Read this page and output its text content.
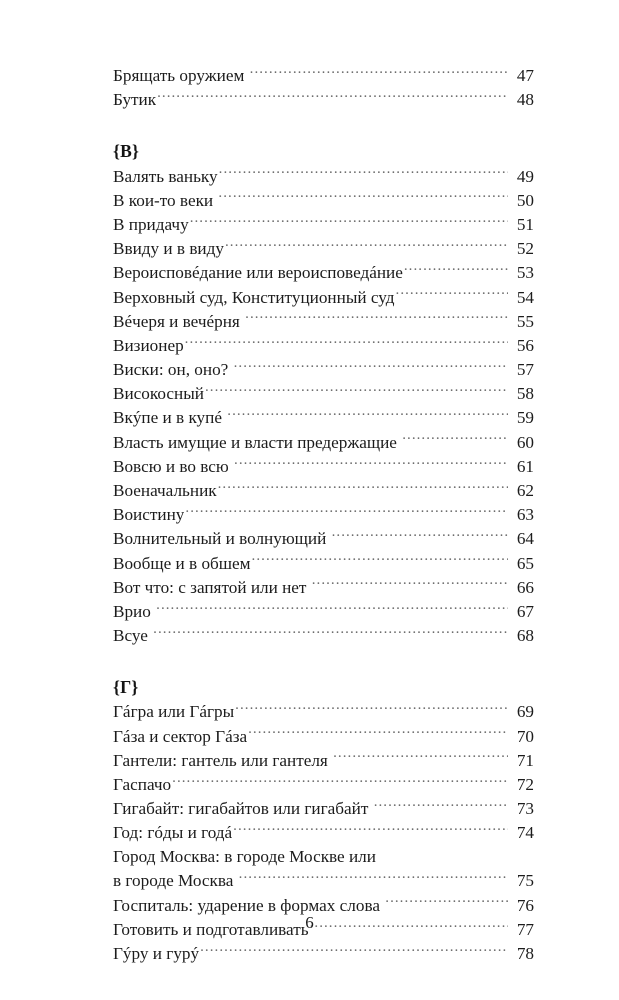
Брящать оружием .....	47
Бутик .....	48
{В}
Валять ваньку .....	49
В кои-то веки .....	50
В придачу .....	51
Ввиду и в виду .....	52
Вероисповéдание или вероисповедáние .....	53
Верховный суд, Конституционный суд .....	54
Вéчеря и вечéрня .....	55
Визионер .....	56
Виски: он, оно? .....	57
Високосный .....	58
Вкýпе и в купé .....	59
Власть имущие и власти предержащие .....	60
Вовсю и во всю .....	61
Военачальник .....	62
Воистину .....	63
Волнительный и волнующий .....	64
Вообще и в обшем .....	65
Вот что: с запятой или нет .....	66
Врио .....	67
Всуе .....	68
{Г}
Гáгра или Гáгры .....	69
Гáза и сектор Гáза .....	70
Гантели: гантель или гантеля .....	71
Гаспачо .....	72
Гигабайт: гигабайтов или гигабайт .....	73
Год: гóды и годá .....	74
Город Москва: в городе Москве или
в городе Москва .....	75
Госпиталь: ударение в формах слова .....	76
Готовить и подготавливать .....	77
Гýру и гурý .....	78
6
